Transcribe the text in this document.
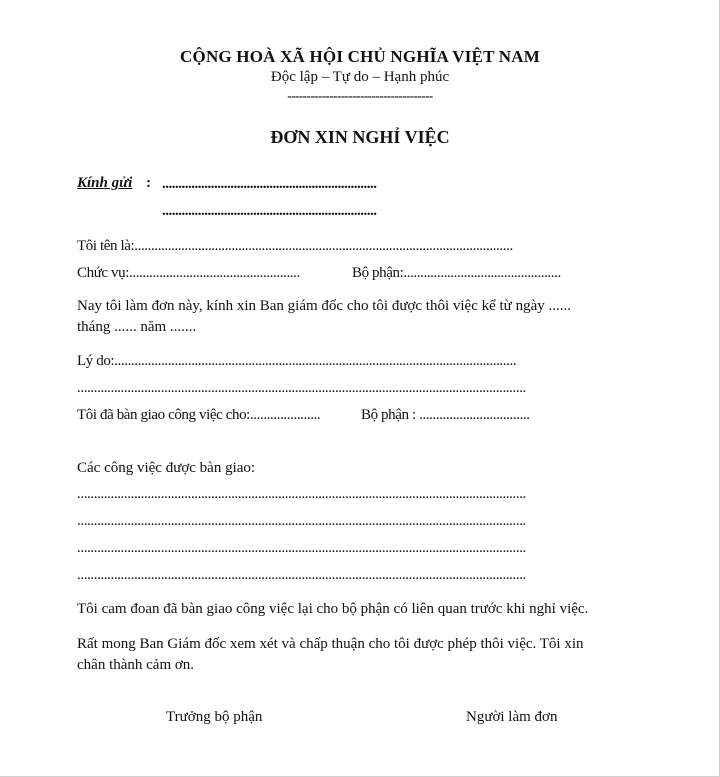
CỘNG HOÀ XÃ HỘI CHỦ NGHĨA VIỆT NAM
Độc lập – Tự do – Hạnh phúc
--------------------------------------
ĐƠN XIN NGHỈ VIỆC
Kính gửi : ..................................................................
..................................................................
Tôi tên là:.................................................................................................................
Chức vụ:...................................................	Bộ phận:...............................................
Nay tôi làm đơn này, kính xin Ban giám đốc cho tôi được thôi việc kể từ ngày ......
tháng ...... năm .......
Lý do:........................................................................................................................
......................................................................................................................................
Tôi đã bàn giao công việc cho:.....................	Bộ phận : .................................
Các công việc được bàn giao:
......................................................................................................................................
......................................................................................................................................
......................................................................................................................................
......................................................................................................................................
Tôi cam đoan đã bàn giao công việc lại cho bộ phận có liên quan trước khi nghỉ việc.
Rất mong Ban Giám đốc xem xét và chấp thuận cho tôi được phép thôi việc. Tôi xin
chân thành cảm ơn.
Trưởng bộ phận	Người làm đơn
